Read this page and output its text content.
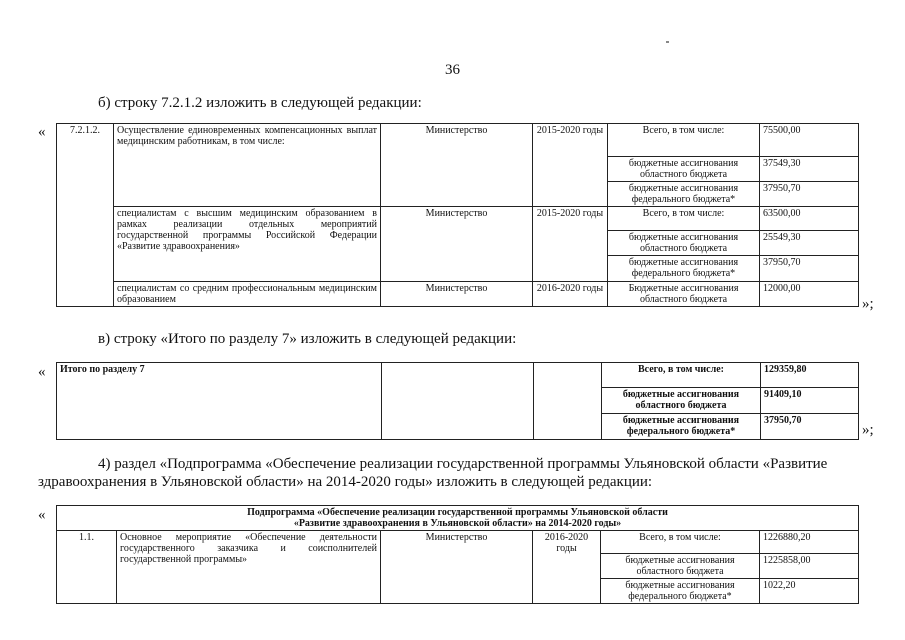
36
б) строку 7.2.1.2 изложить в следующей редакции:
« 7.2.1.2.	Осуществление единовременных компенсационных выплат медицинским работникам, в том числе:	Министерство	2015-2020 годы	Всего, в том числе:	75500,00
				бюджетные ассигнования областного бюджета	37549,30
				бюджетные ассигнования федерального бюджета*	37950,70
	специалистам с высшим медицинским образованием в рамках реализации отдельных мероприятий государственной программы Российской Федерации «Развитие здравоохранения»	Министерство	2015-2020 годы	Всего, в том числе:	63500,00
				бюджетные ассигнования областного бюджета	25549,30
				бюджетные ассигнования федерального бюджета*	37950,70
	специалистам со средним профессиональным медицинским образованием	Министерство	2016-2020 годы	Бюджетные ассигнования областного бюджета	12000,00
»;
в) строку «Итого по разделу 7» изложить в следующей редакции:
« Итого по разделу 7			Всего, в том числе:	129359,80
			бюджетные ассигнования областного бюджета	91409,10
			бюджетные ассигнования федерального бюджета*	37950,70
»;
4) раздел «Подпрограмма «Обеспечение реализации государственной программы Ульяновской области «Развитие
здравоохранения в Ульяновской области» на 2014-2020 годы» изложить в следующей редакции:
«	Подпрограмма «Обеспечение реализации государственной программы Ульяновской области
«Развитие здравоохранения в Ульяновской области» на 2014-2020 годы»					

1.1.	Основное мероприятие «Обеспечение деятельности государственного заказчика и соисполнителей государственной программы»	Министерство	2016-2020 годы	Всего, в том числе:	1226880,20
				бюджетные ассигнования областного бюджета	1225858,00
				бюджетные ассигнования федерального бюджета*	1022,20
